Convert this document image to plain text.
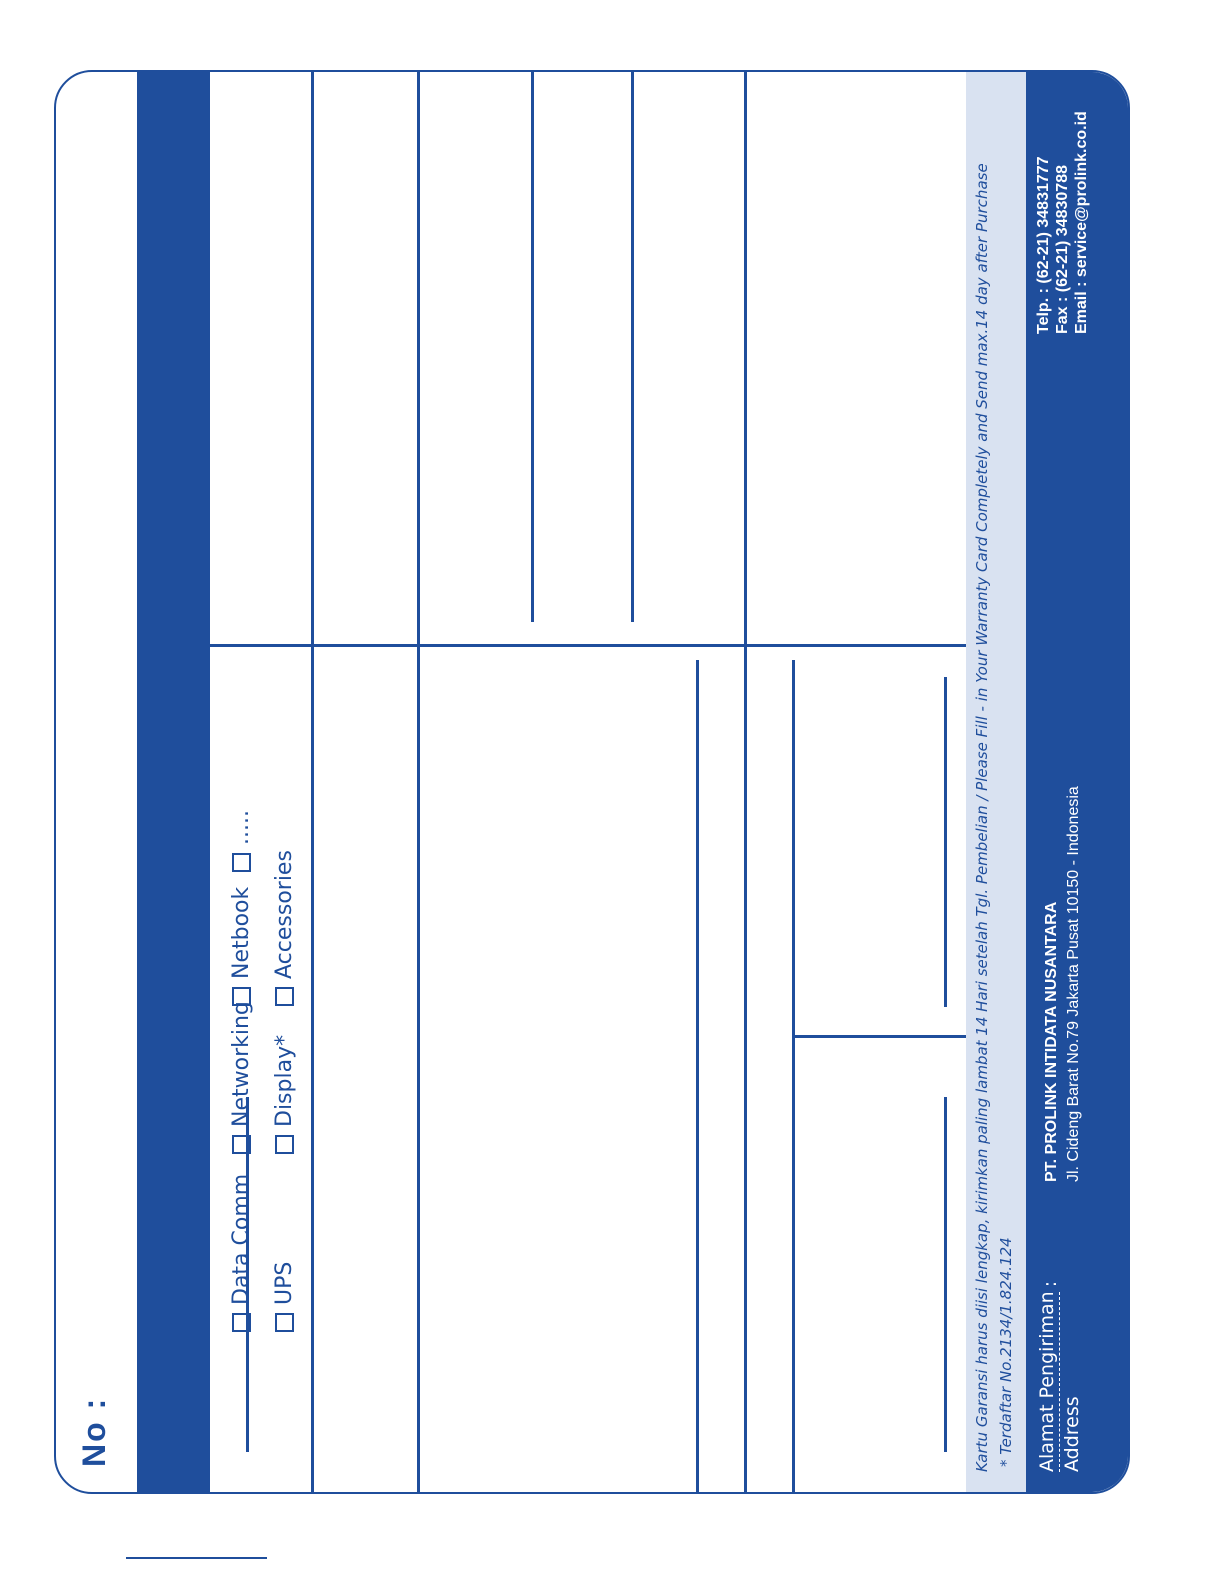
No :
Data Comm
Networking
Netbook
.....
UPS
Display*
Accessories	Kartu Garansi harus diisi lengkap, kirimkan paling lambat 14 Hari setelah Tgl. Pembelian / Please Fill - in Your Warranty Card Completely and Send max.14 day after Purchase * Terdaftar No.2134/1.824.124 Alamat Pengiriman Address
:
PT. PROLINK INTIDATA NUSANTARA Jl. Cideng Barat No.79 Jakarta Pusat 10150 - Indonesia
Telp. : (62-21) 34831777 Fax : (62-21) 34830788 Email : service@prolink.co.id
